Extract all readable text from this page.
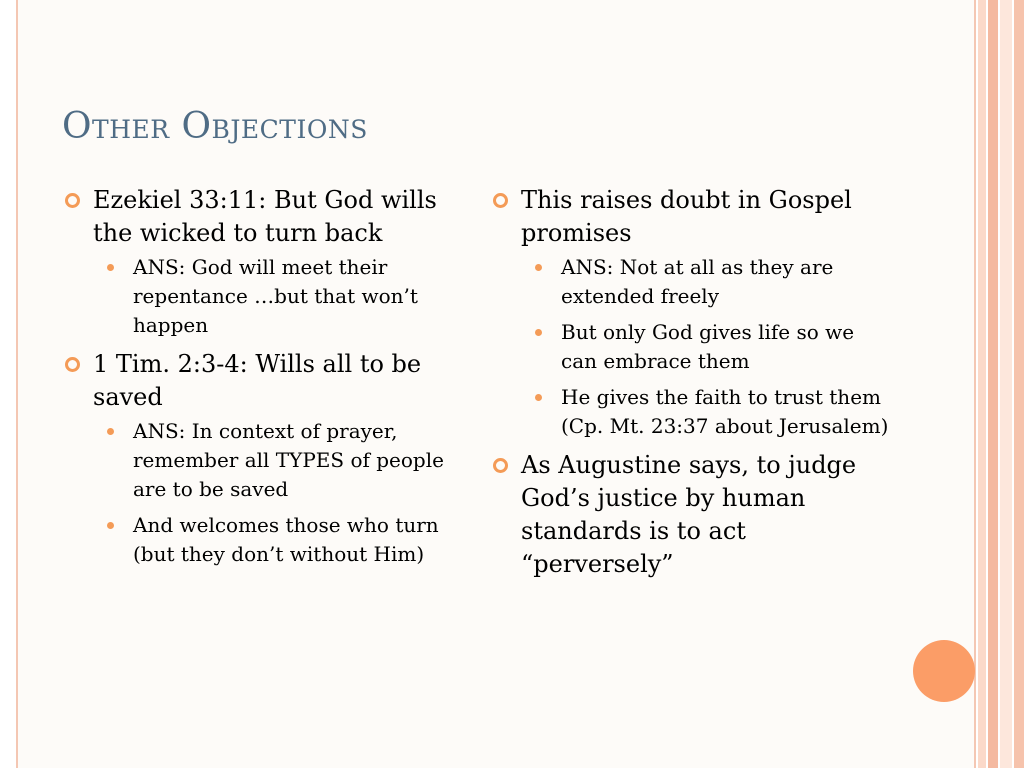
Other Objections
Ezekiel 33:11: But God wills the wicked to turn back
ANS: God will meet their repentance …but that won’t happen
1 Tim. 2:3-4: Wills all to be saved
ANS: In context of prayer, remember all TYPES of people are to be saved
And welcomes those who turn (but they don’t without Him)
This raises doubt in Gospel promises
ANS: Not at all as they are extended freely
But only God gives life so we can embrace them
He gives the faith to trust them (Cp. Mt. 23:37 about Jerusalem)
As Augustine says, to judge God’s justice by human standards is to act “perversely”
